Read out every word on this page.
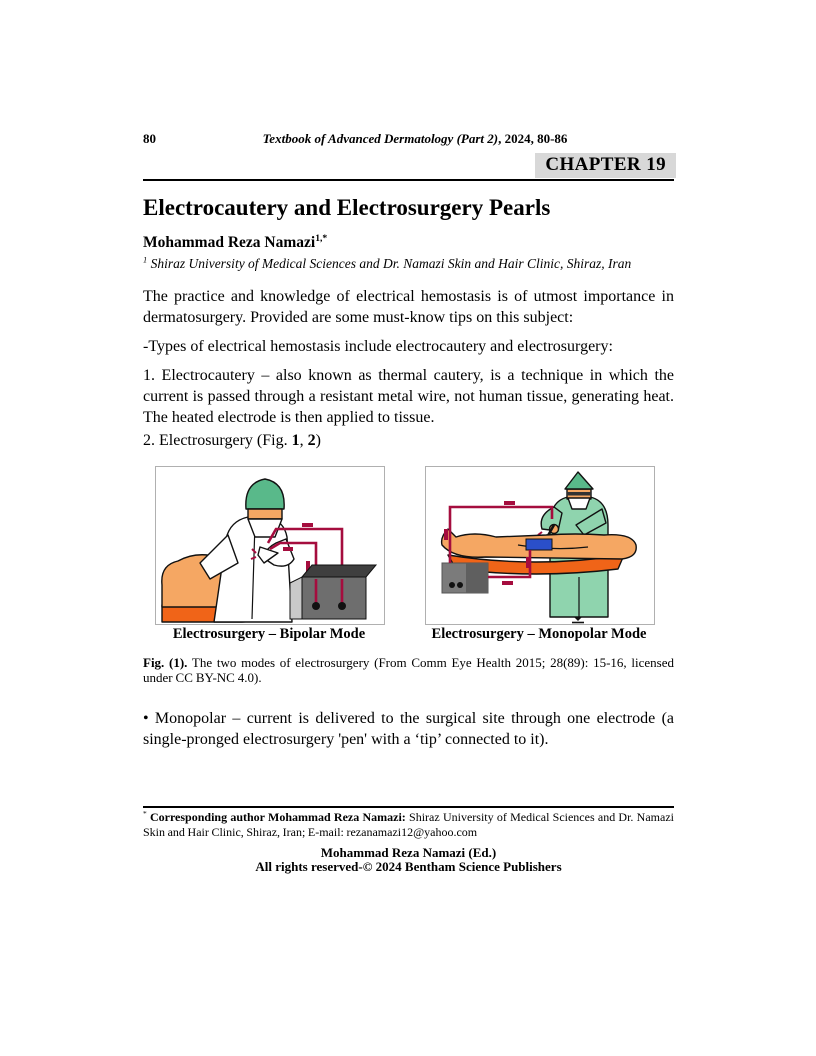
80	Textbook of Advanced Dermatology (Part 2), 2024, 80-86
CHAPTER 19
Electrocautery and Electrosurgery Pearls
Mohammad Reza Namazi$^{1,*}$
$^1$ Shiraz University of Medical Sciences and Dr. Namazi Skin and Hair Clinic, Shiraz, Iran

The practice and knowledge of electrical hemostasis is of utmost importance in dermatosurgery. Provided are some must-know tips on this subject:

-Types of electrical hemostasis include electrocautery and electrosurgery:

1. Electrocautery – also known as thermal cautery, is a technique in which the current is passed through a resistant metal wire, not human tissue, generating heat. The heated electrode is then applied to tissue.

2. Electrosurgery (Fig. 1, 2)

Electrosurgery – Bipolar Mode	Electrosurgery – Monopolar Mode

Fig. (1). The two modes of electrosurgery (From Comm Eye Health 2015; 28(89): 15-16, licensed under CC BY-NC 4.0).

• Monopolar – current is delivered to the surgical site through one electrode (a single-pronged electrosurgery 'pen' with a ‘tip’ connected to it).

* Corresponding author Mohammad Reza Namazi: Shiraz University of Medical Sciences and Dr. Namazi Skin and Hair Clinic, Shiraz, Iran; E-mail: rezanamazi12@yahoo.com

Mohammad Reza Namazi (Ed.)
All rights reserved-© 2024 Bentham Science Publishers
